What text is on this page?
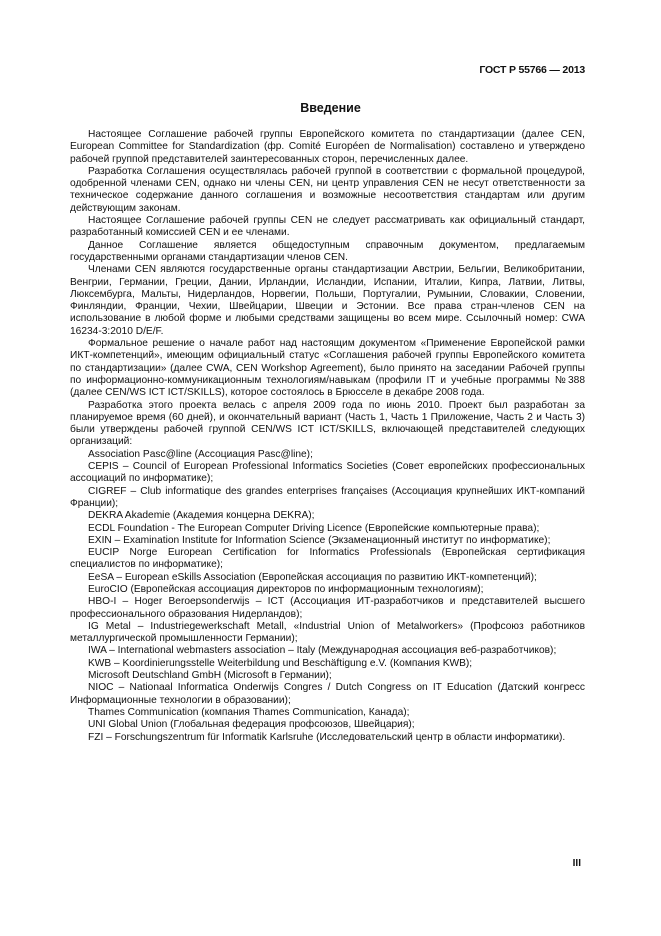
ГОСТ Р 55766 — 2013
Введение

Настоящее Соглашение рабочей группы Европейского комитета по стандартизации (далее CEN, European Committee for Standardization (фр. Comité Européen de Normalisation) составлено и утверждено рабочей группой представителей заинтересованных сторон, перечисленных далее.

Разработка Соглашения осуществлялась рабочей группой в соответствии с формальной процедурой, одобренной членами CEN, однако ни члены CEN, ни центр управления CEN не несут ответственности за техническое содержание данного соглашения и возможные несоответствия стандартам или другим действующим законам.

Настоящее Соглашение рабочей группы CEN не следует рассматривать как официальный стандарт, разработанный комиссией CEN и ее членами.

Данное Соглашение является общедоступным справочным документом, предлагаемым государственными органами стандартизации членов CEN.

Членами CEN являются государственные органы стандартизации Австрии, Бельгии, Великобритании, Венгрии, Германии, Греции, Дании, Ирландии, Исландии, Испании, Италии, Кипра, Латвии, Литвы, Люксембурга, Мальты, Нидерландов, Норвегии, Польши, Португалии, Румынии, Словакии, Словении, Финляндии, Франции, Чехии, Швейцарии, Швеции и Эстонии. Все права стран-членов CEN на использование в любой форме и любыми средствами защищены во всем мире. Ссылочный номер: CWA 16234-3:2010 D/E/F.

Формальное решение о начале работ над настоящим документом «Применение Европейской рамки ИКТ-компетенций», имеющим официальный статус «Соглашения рабочей группы Европейского комитета по стандартизации» (далее CWA, CEN Workshop Agreement), было принято на заседании Рабочей группы по информационно-коммуникационным технологиям/навыкам (профили IT и учебные программы №388 (далее CEN/WS ICT ICT/SKILLS), которое состоялось в Брюсселе в декабре 2008 года.

Разработка этого проекта велась с апреля 2009 года по июнь 2010. Проект был разработан за планируемое время (60 дней), и окончательный вариант (Часть 1, Часть 1 Приложение, Часть 2 и Часть 3) были утверждены рабочей группой CEN/WS ICT ICT/SKILLS, включающей представителей следующих организаций:

Association Pasc@line (Ассоциация Pasc@line);

CEPIS – Council of European Professional Informatics Societies (Совет европейских профессиональных ассоциаций по информатике);

CIGREF – Club informatique des grandes enterprises françaises (Ассоциация крупнейших ИКТ-компаний Франции);

DEKRA Akademie (Академия концерна DEKRA);

ECDL Foundation - The European Computer Driving Licence (Европейские компьютерные права);

EXIN – Examination Institute for Information Science (Экзаменационный институт по информатике);

EUCIP Norge European Certification for Informatics Professionals (Европейская сертификация специалистов по информатике);

EeSA – European eSkills Association (Европейская ассоциация по развитию ИКТ-компетенций);

EuroCIO (Европейская ассоциация директоров по информационным технологиям);

HBO-I – Hoger Beroepsonderwijs – ICT (Ассоциация ИТ-разработчиков и представителей высшего профессионального образования Нидерландов);

IG Metal – Industriegewerkschaft Metall, «Industrial Union of Metalworkers» (Профсоюз работников металлургической промышленности Германии);

IWA – International webmasters association – Italy (Международная ассоциация веб-разработчиков);

KWB – Koordinierungsstelle Weiterbildung und Beschäftigung e.V. (Компания KWB);

Microsoft Deutschland GmbH (Microsoft в Германии);

NIOC – Nationaal Informatica Onderwijs Congres / Dutch Congress on IT Education (Датский конгресс Информационные технологии в образовании);

Thames Communication (компания Thames Communication, Канада);

UNI Global Union (Глобальная федерация профсоюзов, Швейцария);

FZI – Forschungszentrum für Informatik Karlsruhe (Исследовательский центр в области информатики).

III
